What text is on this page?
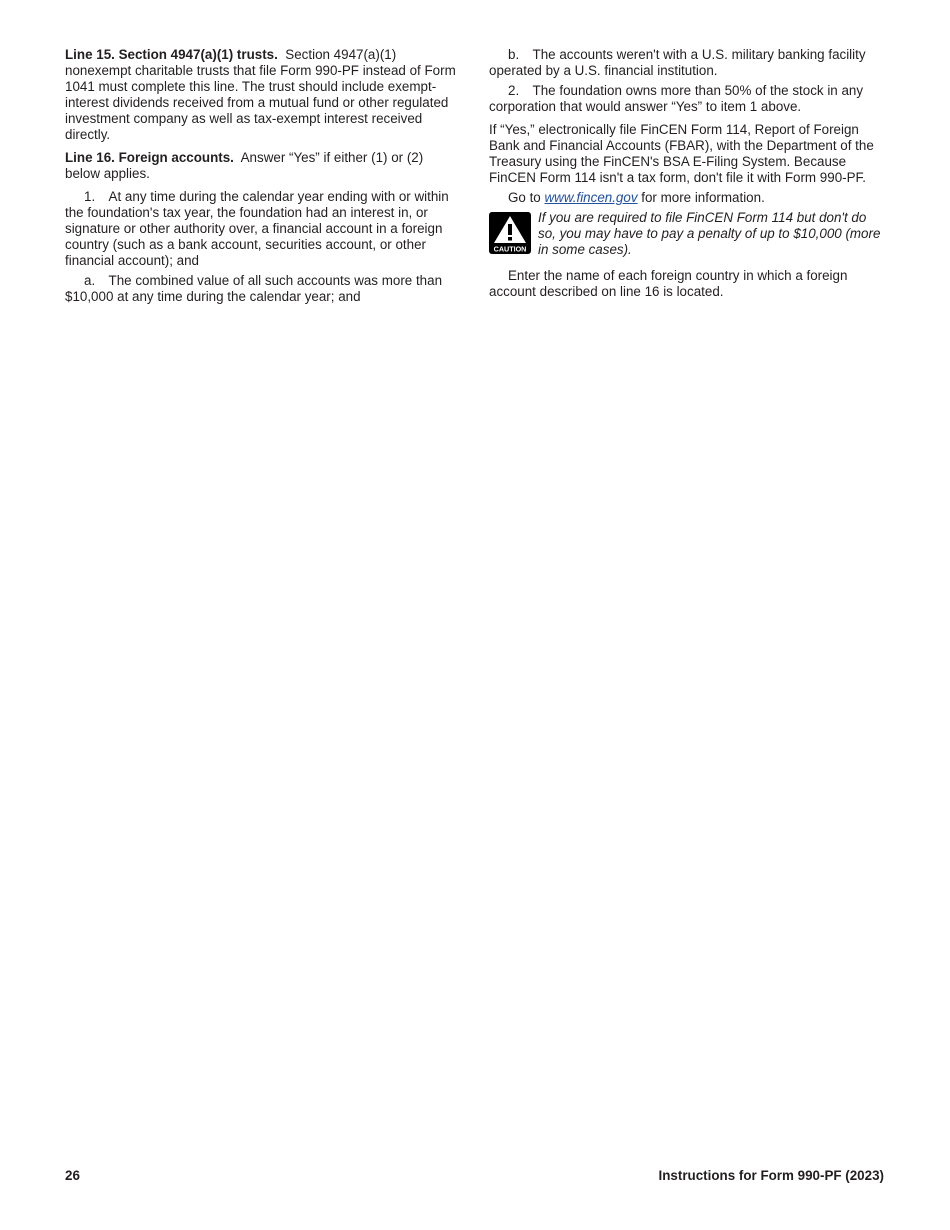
Line 15. Section 4947(a)(1) trusts. Section 4947(a)(1) nonexempt charitable trusts that file Form 990-PF instead of Form 1041 must complete this line. The trust should include exempt-interest dividends received from a mutual fund or other regulated investment company as well as tax-exempt interest received directly.

Line 16. Foreign accounts. Answer “Yes” if either (1) or (2) below applies.

1. At any time during the calendar year ending with or within the foundation's tax year, the foundation had an interest in, or signature or other authority over, a financial account in a foreign country (such as a bank account, securities account, or other financial account); and

a. The combined value of all such accounts was more than $10,000 at any time during the calendar year; and

b. The accounts weren't with a U.S. military banking facility operated by a U.S. financial institution.

2. The foundation owns more than 50% of the stock in any corporation that would answer “Yes” to item 1 above.

If “Yes,” electronically file FinCEN Form 114, Report of Foreign Bank and Financial Accounts (FBAR), with the Department of the Treasury using the FinCEN's BSA E-Filing System. Because FinCEN Form 114 isn't a tax form, don't file it with Form 990-PF.

Go to www.fincen.gov for more information.

CAUTION
If you are required to file FinCEN Form 114 but don't do so, you may have to pay a penalty of up to $10,000 (more in some cases).

Enter the name of each foreign country in which a foreign account described on line 16 is located.

26	Instructions for Form 990-PF (2023)
